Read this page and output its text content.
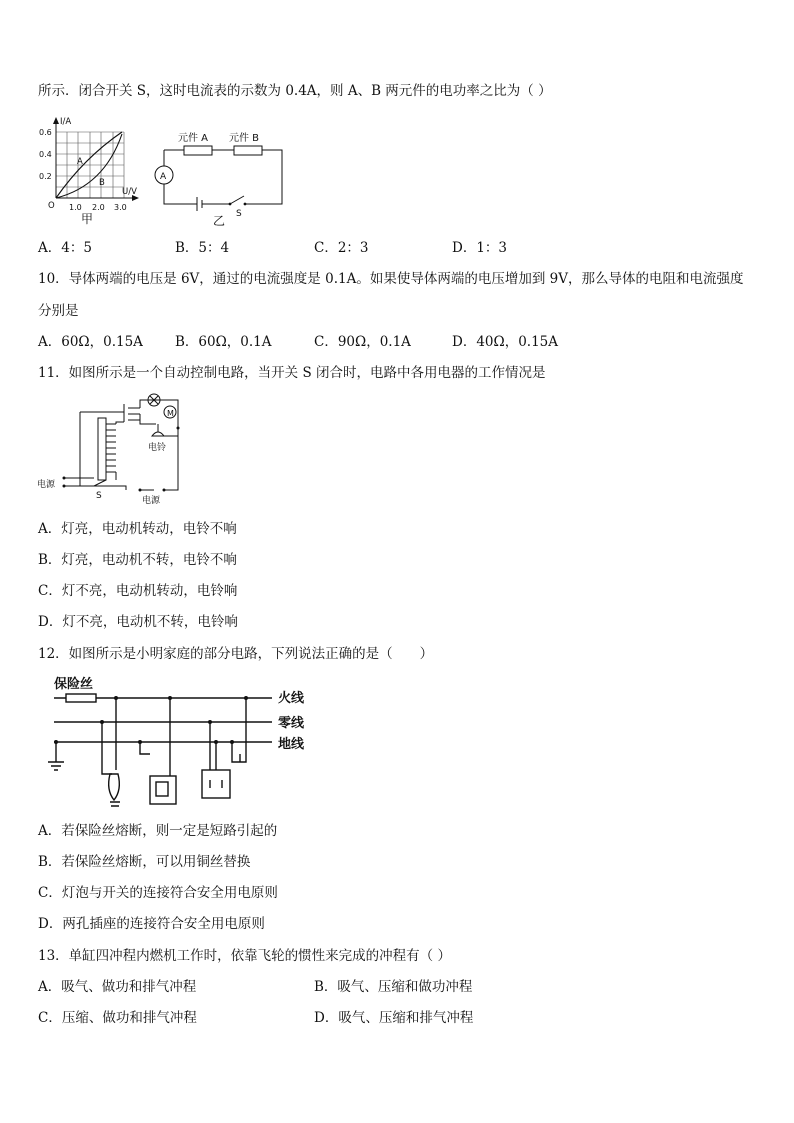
所示．闭合开关 S，这时电流表的示数为 0.4A，则 A、B 两元件的电功率之比为（ ）
I/A
U/V
O
0.6
0.4
0.2
1.0 2.0 3.0
A
B
甲
元件 A 元件 B
A
S
乙
A．4：5	B．5：4	C．2：3	D．1：3
10．导体两端的电压是 6V，通过的电流强度是 0.1A。如果使导体两端的电压增加到 9V，那么导体的电阻和电流强度
分别是
A．60Ω，0.15A B．60Ω，0.1A	C．90Ω，0.1A	D．40Ω，0.15A
11．如图所示是一个自动控制电路，当开关 S 闭合时，电路中各用电器的工作情况是
M
电铃
电源
电源
S
A．灯亮，电动机转动，电铃不响
B．灯亮，电动机不转，电铃不响
C．灯不亮，电动机转动，电铃响
D．灯不亮，电动机不转，电铃响
12．如图所示是小明家庭的部分电路，下列说法正确的是（　　）
保险丝
火线
零线
地线
A．若保险丝熔断，则一定是短路引起的
B．若保险丝熔断，可以用铜丝替换
C．灯泡与开关的连接符合安全用电原则
D．两孔插座的连接符合安全用电原则
13．单缸四冲程内燃机工作时，依靠飞轮的惯性来完成的冲程有（ ）
A．吸气、做功和排气冲程	B．吸气、压缩和做功冲程
C．压缩、做功和排气冲程	D．吸气、压缩和排气冲程
